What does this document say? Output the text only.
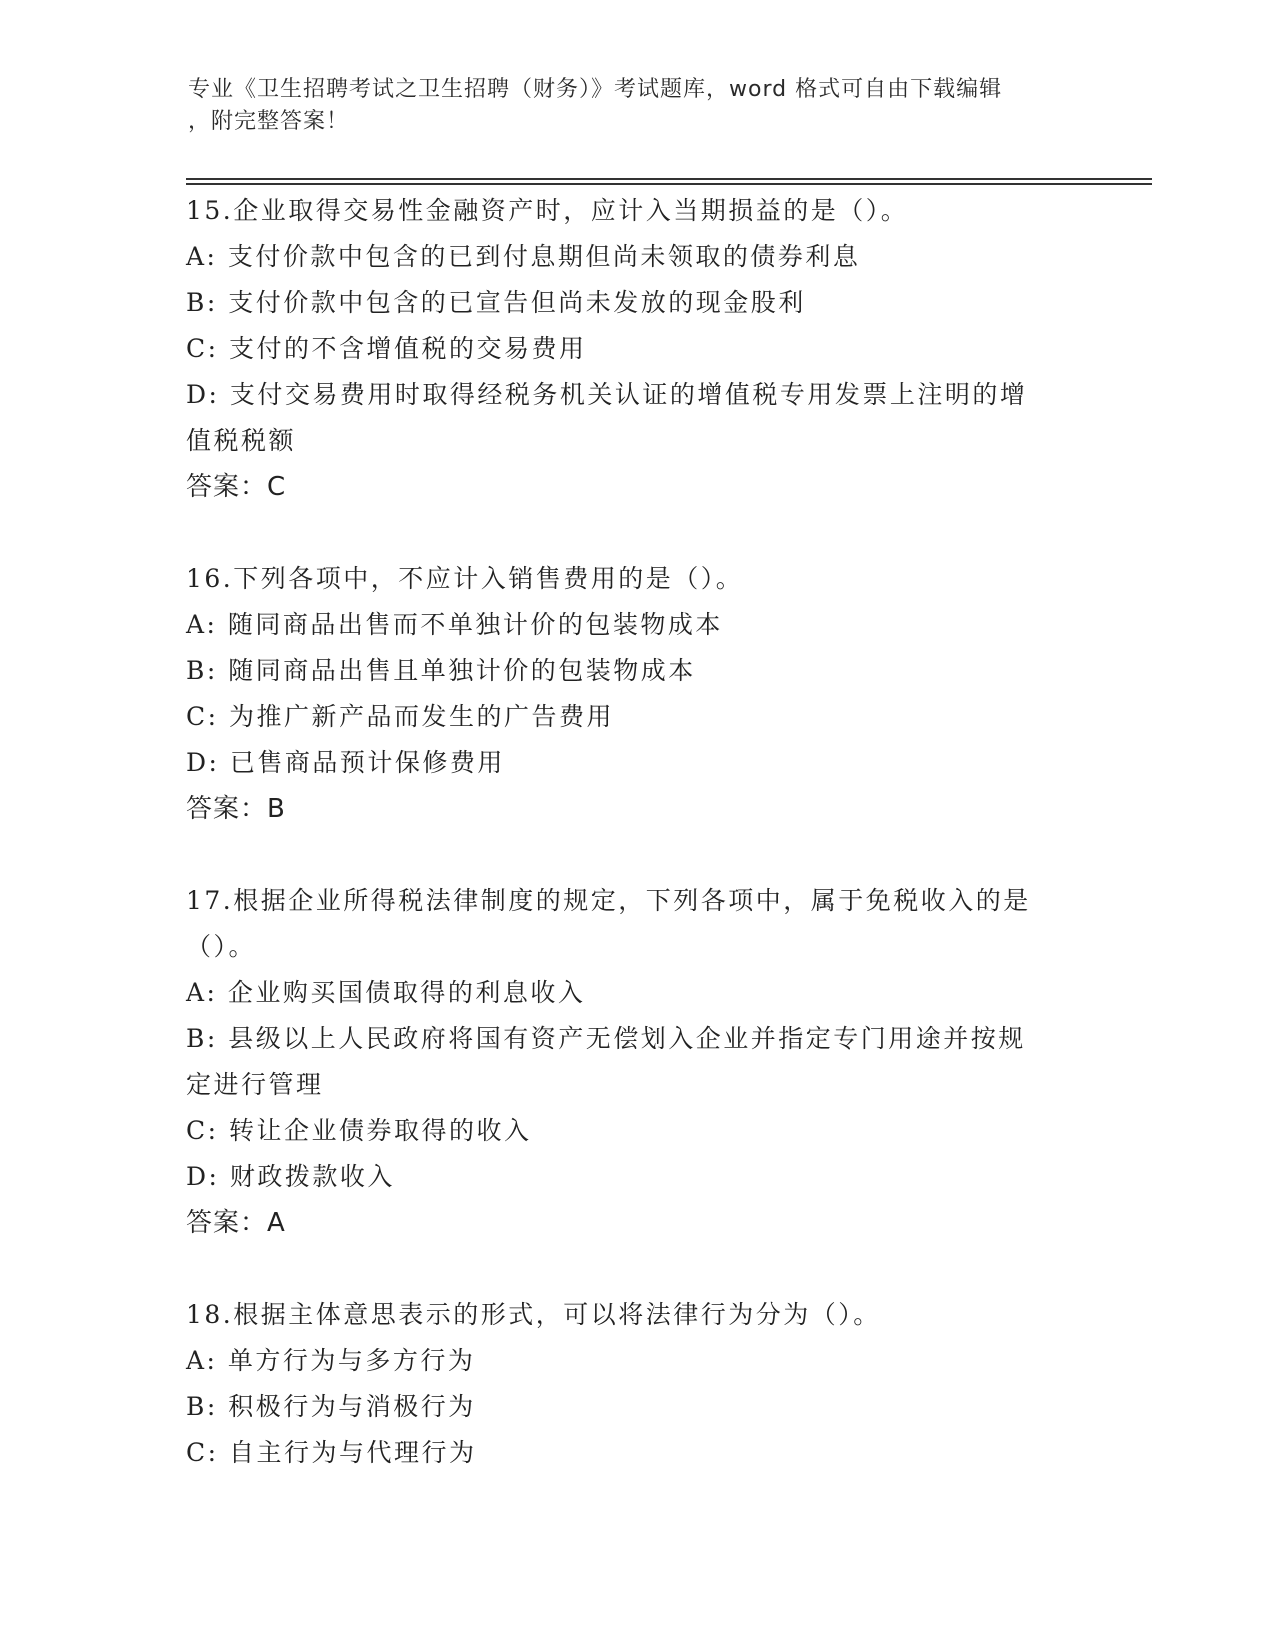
专业《卫生招聘考试之卫生招聘（财务）》考试题库，word 格式可自由下载编辑
，附完整答案！
15.企业取得交易性金融资产时，应计入当期损益的是（）。
A: 支付价款中包含的已到付息期但尚未领取的债券利息
B: 支付价款中包含的已宣告但尚未发放的现金股利
C: 支付的不含增值税的交易费用
D: 支付交易费用时取得经税务机关认证的增值税专用发票上注明的增
值税税额
答案：C
16.下列各项中，不应计入销售费用的是（）。
A: 随同商品出售而不单独计价的包装物成本
B: 随同商品出售且单独计价的包装物成本
C: 为推广新产品而发生的广告费用
D: 已售商品预计保修费用
答案：B
17.根据企业所得税法律制度的规定，下列各项中，属于免税收入的是
（）。
A: 企业购买国债取得的利息收入
B: 县级以上人民政府将国有资产无偿划入企业并指定专门用途并按规
定进行管理
C: 转让企业债券取得的收入
D: 财政拨款收入
答案：A
18.根据主体意思表示的形式，可以将法律行为分为（）。
A: 单方行为与多方行为
B: 积极行为与消极行为
C: 自主行为与代理行为
